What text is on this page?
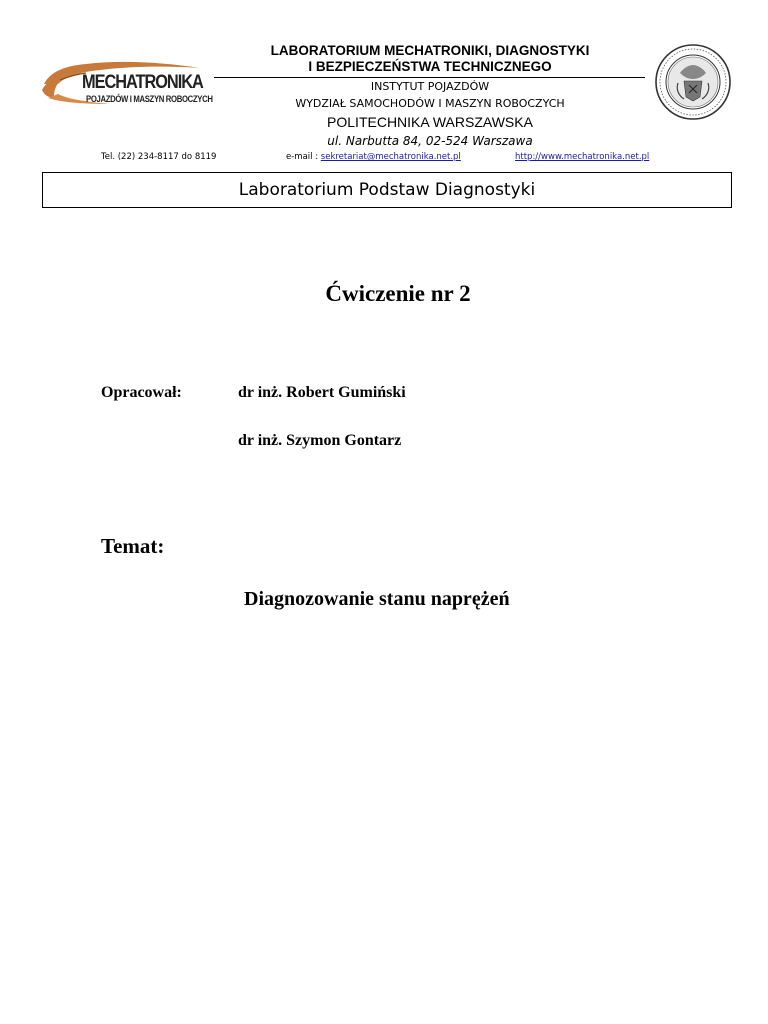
MECHATRONIKA
POJAZDÓW I MASZYN ROBOCZYCH
LABORATORIUM MECHATRONIKI, DIAGNOSTYKI
I BEZPIECZEŃSTWA TECHNICZNEGO
INSTYTUT POJAZDÓW
WYDZIAŁ SAMOCHODÓW I MASZYN ROBOCZYCH
POLITECHNIKA WARSZAWSKA
ul. Narbutta 84, 02-524 Warszawa
Tel. (22) 234-8117 do 8119	e-mail : sekretariat@mechatronika.net.pl	http://www.mechatronika.net.pl
Laboratorium Podstaw Diagnostyki
Ćwiczenie nr 2
Opracował:	dr inż. Robert Gumiński
dr inż. Szymon Gontarz
Temat:
Diagnozowanie stanu naprężeń
